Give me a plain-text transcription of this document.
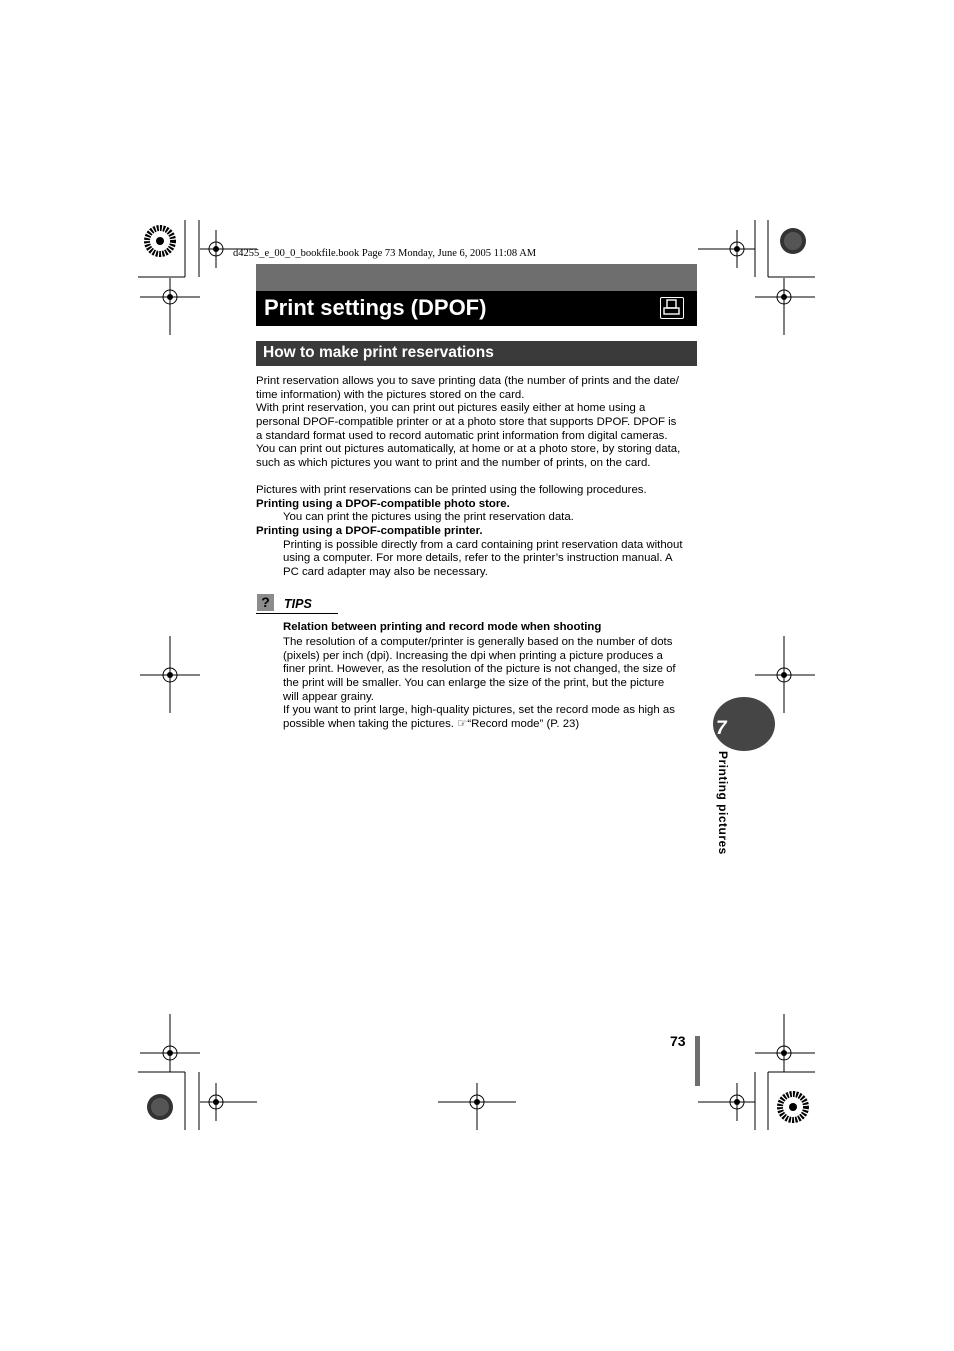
d4255_e_00_0_bookfile.book Page 73 Monday, June 6, 2005 11:08 AM
Print settings (DPOF)
How to make print reservations
Print reservation allows you to save printing data (the number of prints and the date/
time information) with the pictures stored on the card.
With print reservation, you can print out pictures easily either at home using a
personal DPOF-compatible printer or at a photo store that supports DPOF. DPOF is
a standard format used to record automatic print information from digital cameras.
You can print out pictures automatically, at home or at a photo store, by storing data,
such as which pictures you want to print and the number of prints, on the card.
Pictures with print reservations can be printed using the following procedures.
Printing using a DPOF-compatible photo store.
You can print the pictures using the print reservation data.
Printing using a DPOF-compatible printer.
Printing is possible directly from a card containing print reservation data without
using a computer. For more details, refer to the printer’s instruction manual. A
PC card adapter may also be necessary.
?	TIPS
Relation between printing and record mode when shooting
The resolution of a computer/printer is generally based on the number of dots
(pixels) per inch (dpi). Increasing the dpi when printing a picture produces a
finer print. However, as the resolution of the picture is not changed, the size of
the print will be smaller. You can enlarge the size of the print, but the picture
will appear grainy.
If you want to print large, high-quality pictures, set the record mode as high as
possible when taking the pictures. ☞“Record mode” (P. 23)	7
Printing pictures
73
